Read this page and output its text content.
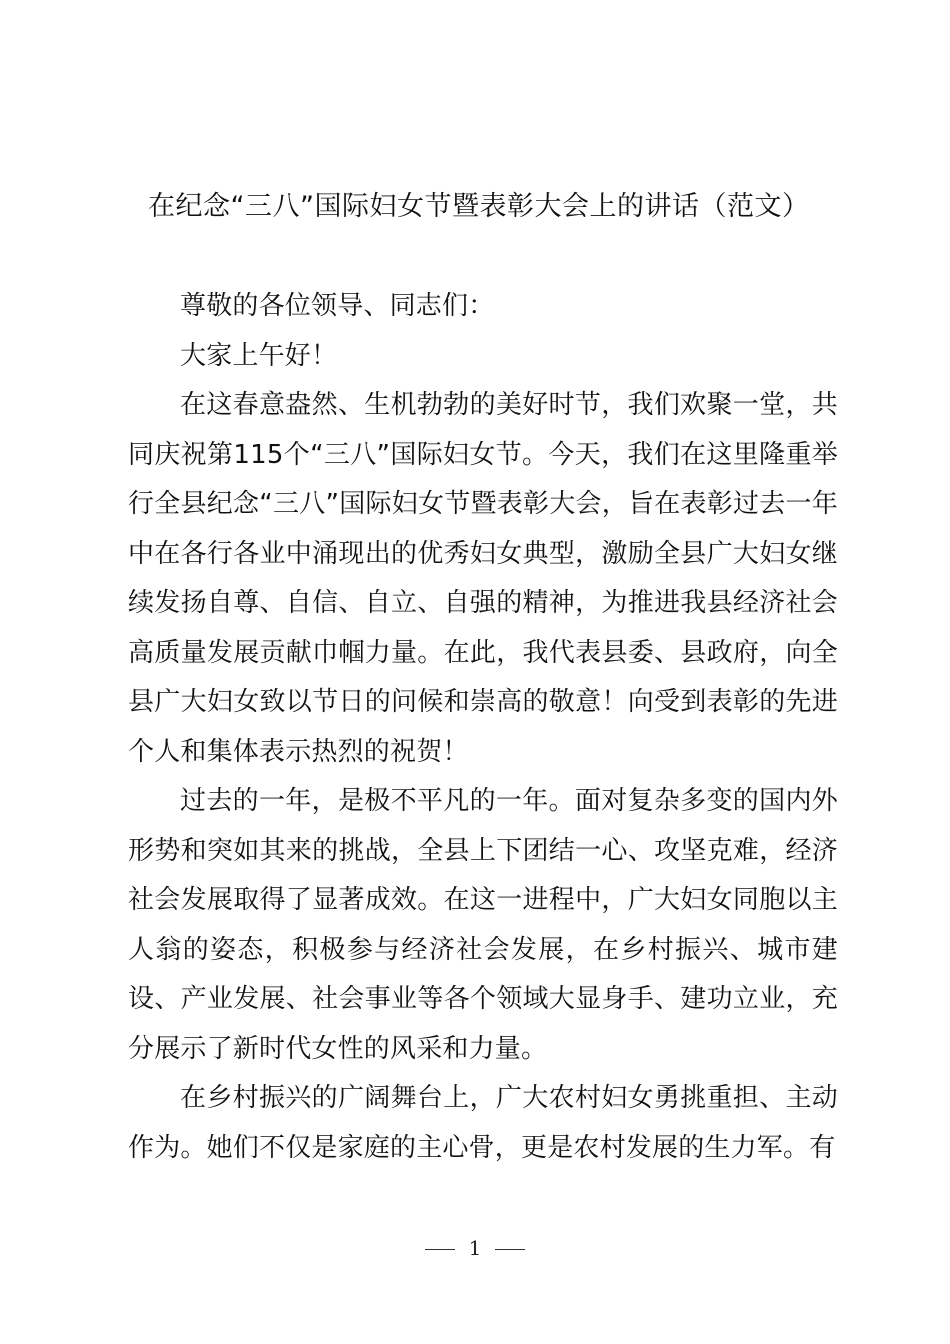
在纪念“三八”国际妇女节暨表彰大会上的讲话（范文）

尊敬的各位领导、同志们：

大家上午好！

在这春意盎然、生机勃勃的美好时节，我们欢聚一堂，共同庆祝第115个“三八”国际妇女节。今天，我们在这里隆重举行全县纪念“三八”国际妇女节暨表彰大会，旨在表彰过去一年中在各行各业中涌现出的优秀妇女典型，激励全县广大妇女继续发扬自尊、自信、自立、自强的精神，为推进我县经济社会高质量发展贡献巾帼力量。在此，我代表县委、县政府，向全县广大妇女致以节日的问候和崇高的敬意！向受到表彰的先进个人和集体表示热烈的祝贺！

过去的一年，是极不平凡的一年。面对复杂多变的国内外形势和突如其来的挑战，全县上下团结一心、攻坚克难，经济社会发展取得了显著成效。在这一进程中，广大妇女同胞以主人翁的姿态，积极参与经济社会发展，在乡村振兴、城市建设、产业发展、社会事业等各个领域大显身手、建功立业，充分展示了新时代女性的风采和力量。

在乡村振兴的广阔舞台上，广大农村妇女勇挑重担、主动作为。她们不仅是家庭的主心骨，更是农村发展的生力军。有

1
